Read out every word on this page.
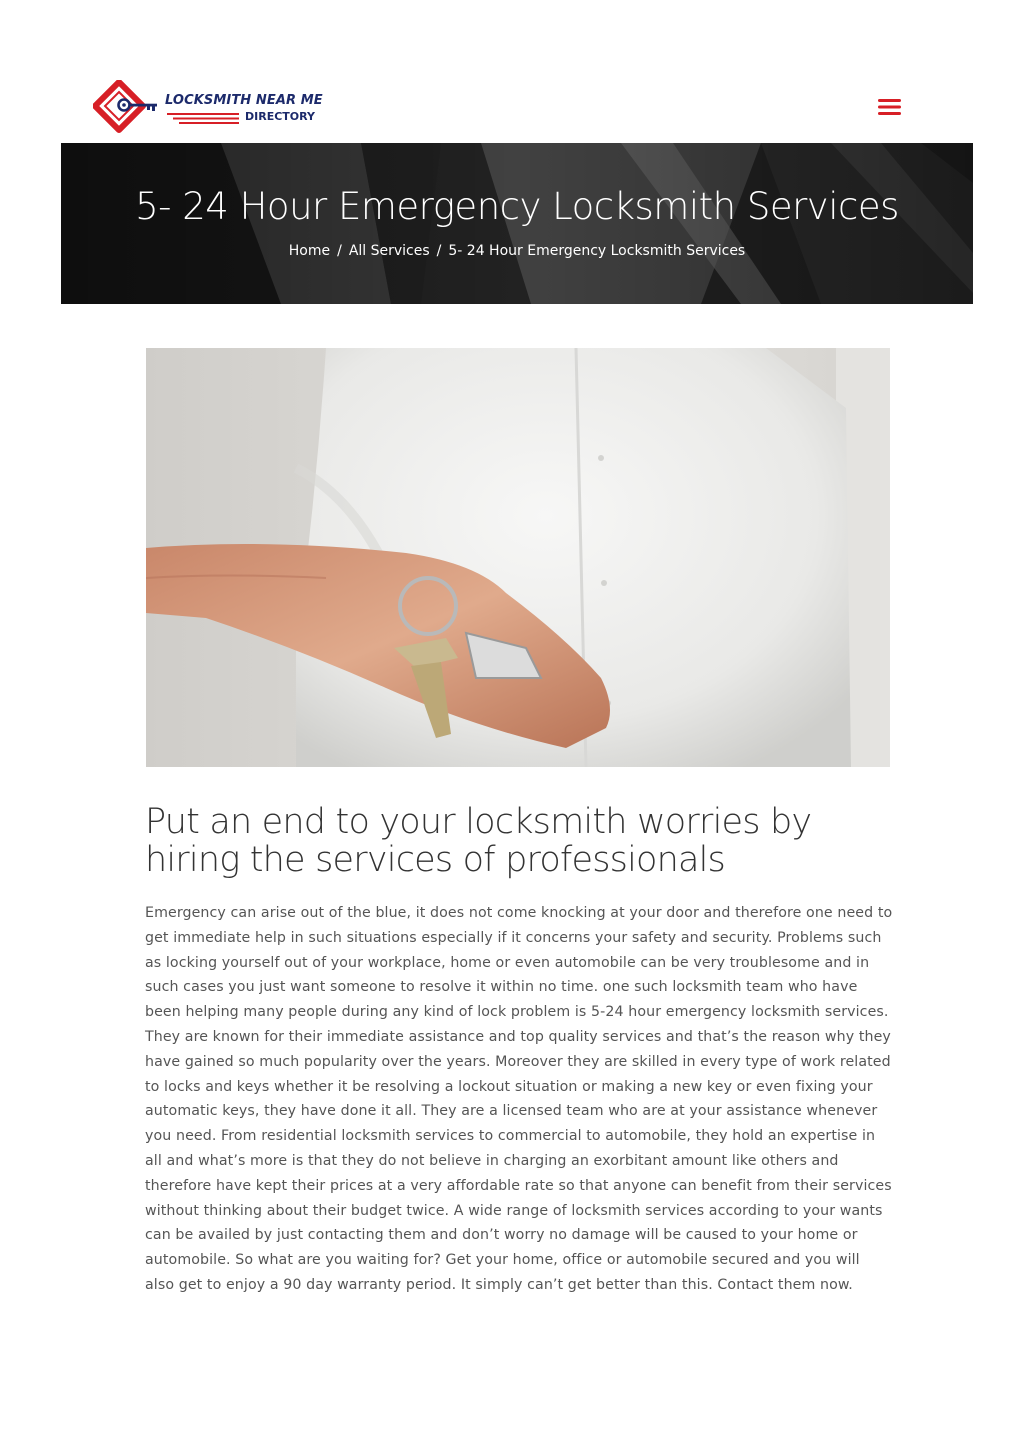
LOCKSMITH NEAR ME
DIRECTORY
5- 24 Hour Emergency Locksmith Services
Home / All Services / 5- 24 Hour Emergency Locksmith Services
Put an end to your locksmith worries by hiring the services of professionals

Emergency can arise out of the blue, it does not come knocking at your door and therefore one need to get immediate help in such situations especially if it concerns your safety and security. Problems such as locking yourself out of your workplace, home or even automobile can be very troublesome and in such cases you just want someone to resolve it within no time. one such locksmith team who have been helping many people during any kind of lock problem is 5-24 hour emergency locksmith services. They are known for their immediate assistance and top quality services and that’s the reason why they have gained so much popularity over the years. Moreover they are skilled in every type of work related to locks and keys whether it be resolving a lockout situation or making a new key or even fixing your automatic keys, they have done it all. They are a licensed team who are at your assistance whenever you need. From residential locksmith services to commercial to automobile, they hold an expertise in all and what’s more is that they do not believe in charging an exorbitant amount like others and therefore have kept their prices at a very affordable rate so that anyone can benefit from their services without thinking about their budget twice. A wide range of locksmith services according to your wants can be availed by just contacting them and don’t worry no damage will be caused to your home or automobile. So what are you waiting for? Get your home, office or automobile secured and you will also get to enjoy a 90 day warranty period. It simply can’t get better than this. Contact them now.
